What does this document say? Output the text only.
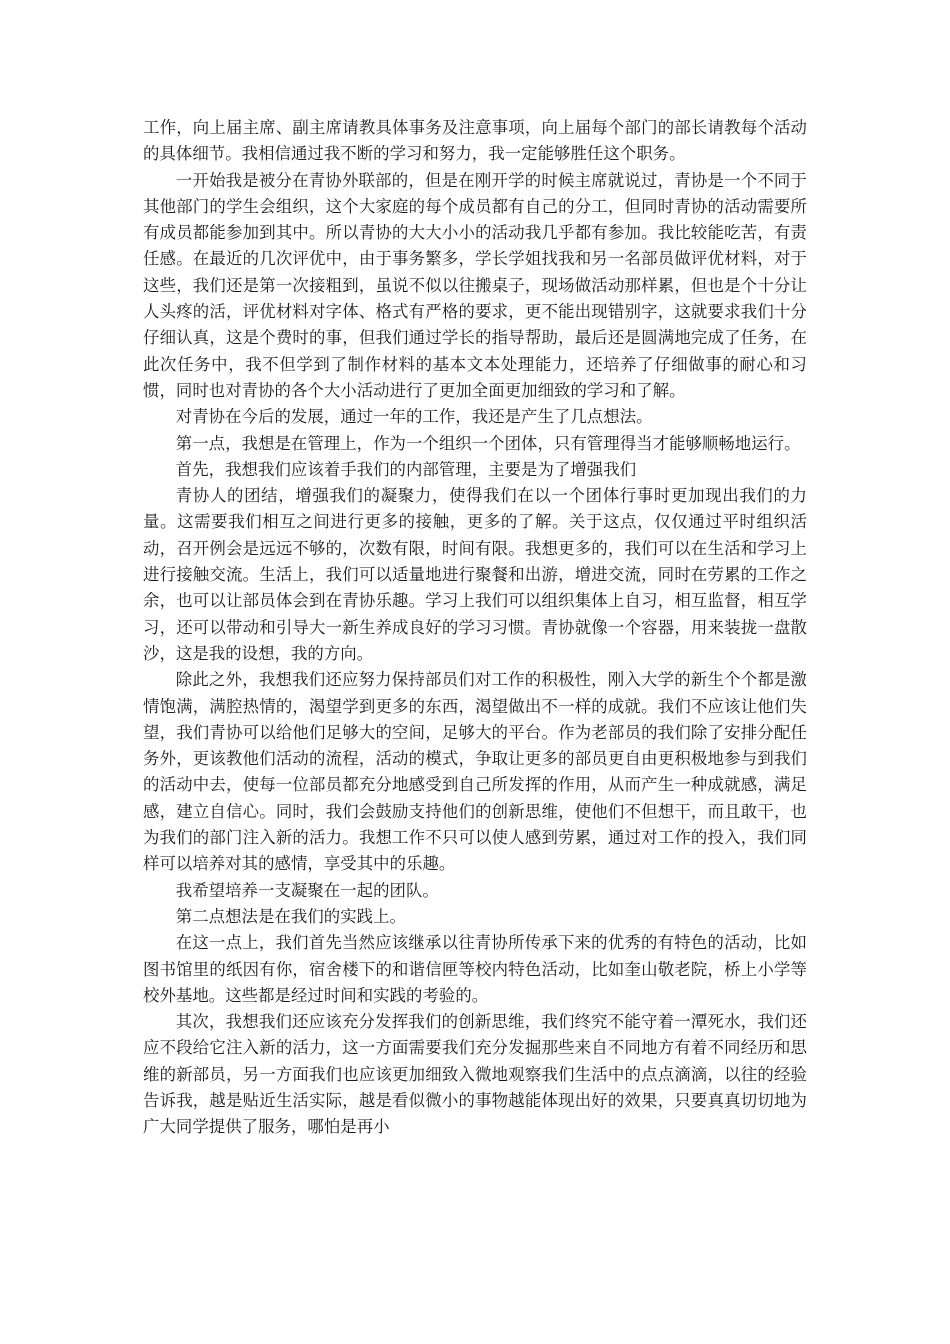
工作，向上届主席、副主席请教具体事务及注意事项，向上届每个部门的部长请教每个活动的具体细节。我相信通过我不断的学习和努力，我一定能够胜任这个职务。

一开始我是被分在青协外联部的，但是在刚开学的时候主席就说过，青协是一个不同于其他部门的学生会组织，这个大家庭的每个成员都有自己的分工，但同时青协的活动需要所有成员都能参加到其中。所以青协的大大小小的活动我几乎都有参加。我比较能吃苦，有责任感。在最近的几次评优中，由于事务繁多，学长学姐找我和另一名部员做评优材料，对于这些，我们还是第一次接粗到，虽说不似以往搬桌子，现场做活动那样累，但也是个十分让人头疼的活，评优材料对字体、格式有严格的要求，更不能出现错别字，这就要求我们十分仔细认真，这是个费时的事，但我们通过学长的指导帮助，最后还是圆满地完成了任务，在此次任务中，我不但学到了制作材料的基本文本处理能力，还培养了仔细做事的耐心和习惯，同时也对青协的各个大小活动进行了更加全面更加细致的学习和了解。

对青协在今后的发展，通过一年的工作，我还是产生了几点想法。

第一点，我想是在管理上，作为一个组织一个团体，只有管理得当才能够顺畅地运行。

首先，我想我们应该着手我们的内部管理，主要是为了增强我们

青协人的团结，增强我们的凝聚力，使得我们在以一个团体行事时更加现出我们的力量。这需要我们相互之间进行更多的接触，更多的了解。关于这点，仅仅通过平时组织活动，召开例会是远远不够的，次数有限，时间有限。我想更多的，我们可以在生活和学习上进行接触交流。生活上，我们可以适量地进行聚餐和出游，增进交流，同时在劳累的工作之余，也可以让部员体会到在青协乐趣。学习上我们可以组织集体上自习，相互监督，相互学习，还可以带动和引导大一新生养成良好的学习习惯。青协就像一个容器，用来装拢一盘散沙，这是我的设想，我的方向。

除此之外，我想我们还应努力保持部员们对工作的积极性，刚入大学的新生个个都是激情饱满，满腔热情的，渴望学到更多的东西，渴望做出不一样的成就。我们不应该让他们失望，我们青协可以给他们足够大的空间，足够大的平台。作为老部员的我们除了安排分配任务外，更该教他们活动的流程，活动的模式，争取让更多的部员更自由更积极地参与到我们的活动中去，使每一位部员都充分地感受到自己所发挥的作用，从而产生一种成就感，满足感，建立自信心。同时，我们会鼓励支持他们的创新思维，使他们不但想干，而且敢干，也为我们的部门注入新的活力。我想工作不只可以使人感到劳累，通过对工作的投入，我们同样可以培养对其的感情，享受其中的乐趣。

我希望培养一支凝聚在一起的团队。

第二点想法是在我们的实践上。

在这一点上，我们首先当然应该继承以往青协所传承下来的优秀的有特色的活动，比如图书馆里的纸因有你，宿舍楼下的和谐信匣等校内特色活动，比如奎山敬老院，桥上小学等校外基地。这些都是经过时间和实践的考验的。

其次，我想我们还应该充分发挥我们的创新思维，我们终究不能守着一潭死水，我们还应不段给它注入新的活力，这一方面需要我们充分发掘那些来自不同地方有着不同经历和思维的新部员，另一方面我们也应该更加细致入微地观察我们生活中的点点滴滴，以往的经验告诉我，越是贴近生活实际，越是看似微小的事物越能体现出好的效果，只要真真切切地为广大同学提供了服务，哪怕是再小
